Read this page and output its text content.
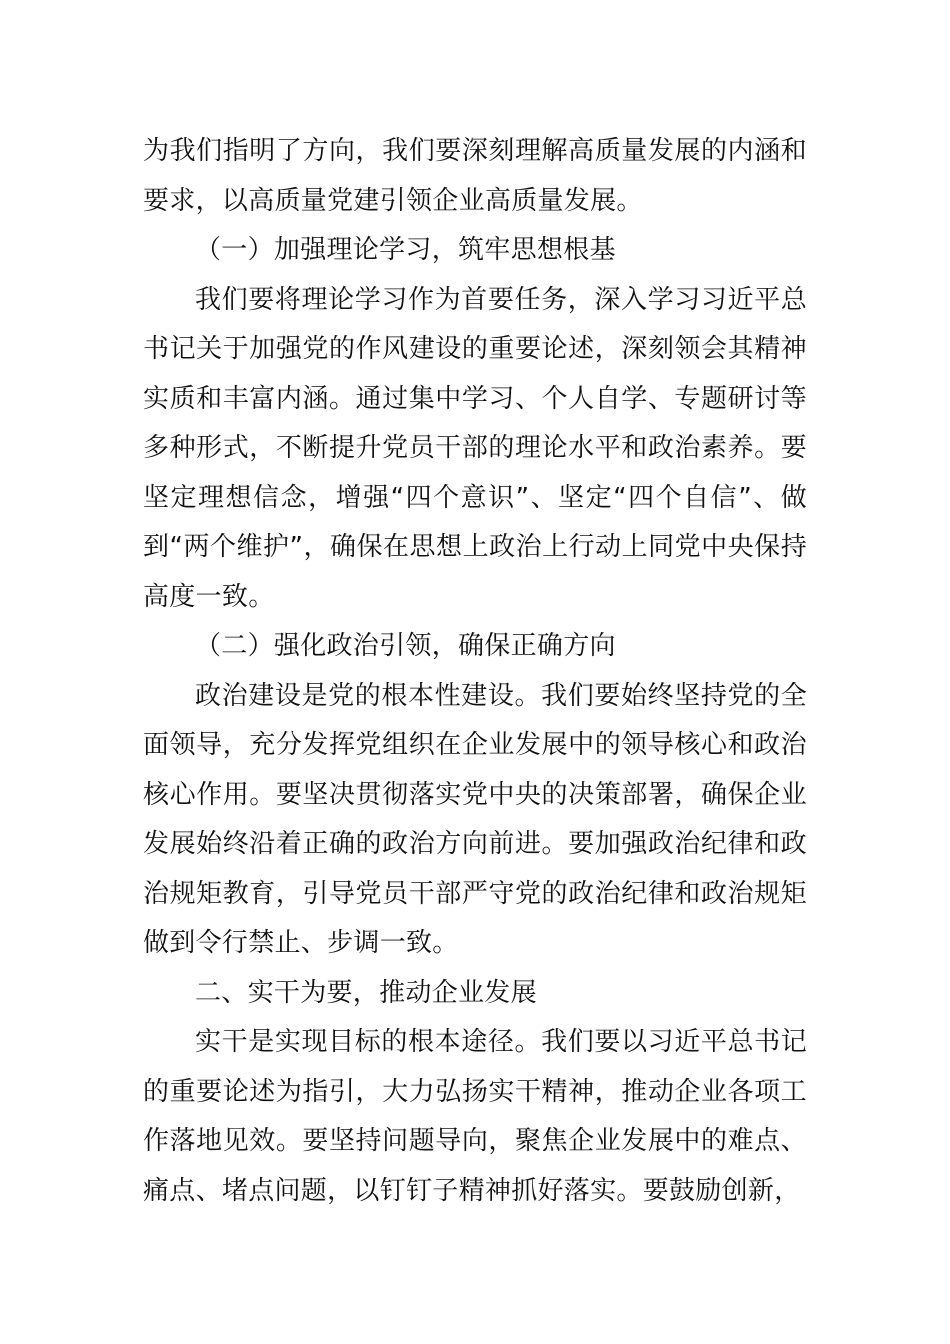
为我们指明了方向，我们要深刻理解高质量发展的内涵和要求，以高质量党建引领企业高质量发展。

（一）加强理论学习，筑牢思想根基

我们要将理论学习作为首要任务，深入学习习近平总书记关于加强党的作风建设的重要论述，深刻领会其精神实质和丰富内涵。通过集中学习、个人自学、专题研讨等多种形式，不断提升党员干部的理论水平和政治素养。要坚定理想信念，增强“四个意识”、坚定“四个自信”、做到“两个维护”，确保在思想上政治上行动上同党中央保持高度一致。

（二）强化政治引领，确保正确方向

政治建设是党的根本性建设。我们要始终坚持党的全面领导，充分发挥党组织在企业发展中的领导核心和政治核心作用。要坚决贯彻落实党中央的决策部署，确保企业发展始终沿着正确的政治方向前进。要加强政治纪律和政治规矩教育，引导党员干部严守党的政治纪律和政治规矩做到令行禁止、步调一致。

二、实干为要，推动企业发展

实干是实现目标的根本途径。我们要以习近平总书记的重要论述为指引，大力弘扬实干精神，推动企业各项工作落地见效。要坚持问题导向，聚焦企业发展中的难点、痛点、堵点问题，以钉钉子精神抓好落实。要鼓励创新，
